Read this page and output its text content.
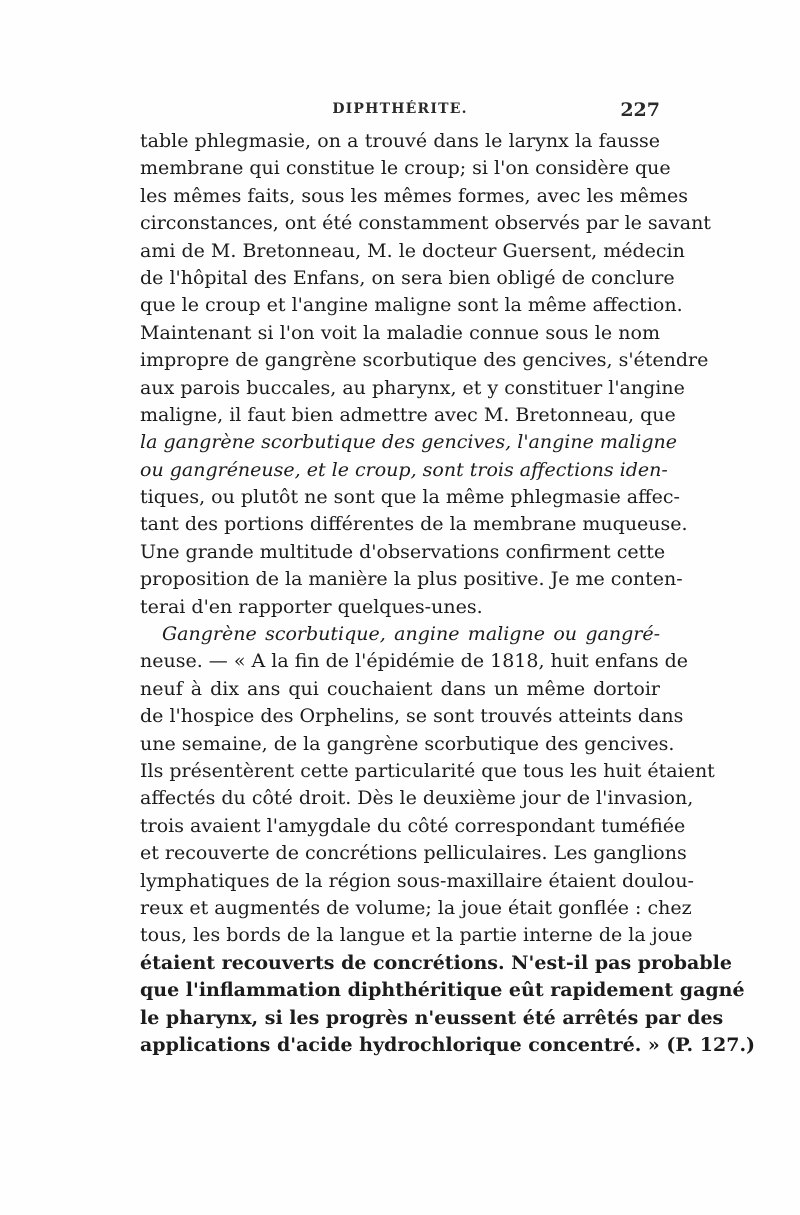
DIPHTHÉRITE.	227
table phlegmasie, on a trouvé dans le larynx la fausse
membrane qui constitue le croup; si l'on considère que
les mêmes faits, sous les mêmes formes, avec les mêmes
circonstances, ont été constamment observés par le savant
ami de M. Bretonneau, M. le docteur Guersent, médecin
de l'hôpital des Enfans, on sera bien obligé de conclure
que le croup et l'angine maligne sont la même affection.
Maintenant si l'on voit la maladie connue sous le nom
impropre de gangrène scorbutique des gencives, s'étendre
aux parois buccales, au pharynx, et y constituer l'angine
maligne, il faut bien admettre avec M. Bretonneau, que
la gangrène scorbutique des gencives, l'angine maligne
ou gangréneuse, et le croup, sont trois affections iden-
tiques, ou plutôt ne sont que la même phlegmasie affec-
tant des portions différentes de la membrane muqueuse.
Une grande multitude d'observations confirment cette
proposition de la manière la plus positive. Je me conten-
terai d'en rapporter quelques-unes.
Gangrène scorbutique, angine maligne ou gangré-
neuse. — « A la fin de l'épidémie de 1818, huit enfans de
neuf à dix ans qui couchaient dans un même dortoir
de l'hospice des Orphelins, se sont trouvés atteints dans
une semaine, de la gangrène scorbutique des gencives.
Ils présentèrent cette particularité que tous les huit étaient
affectés du côté droit. Dès le deuxième jour de l'invasion,
trois avaient l'amygdale du côté correspondant tuméfiée
et recouverte de concrétions pelliculaires. Les ganglions
lymphatiques de la région sous-maxillaire étaient doulou-
reux et augmentés de volume; la joue était gonflée : chez
tous, les bords de la langue et la partie interne de la joue
étaient recouverts de concrétions. N'est-il pas probable
que l'inflammation diphthéritique eût rapidement gagné
le pharynx, si les progrès n'eussent été arrêtés par des
applications d'acide hydrochlorique concentré. » (P. 127.)
